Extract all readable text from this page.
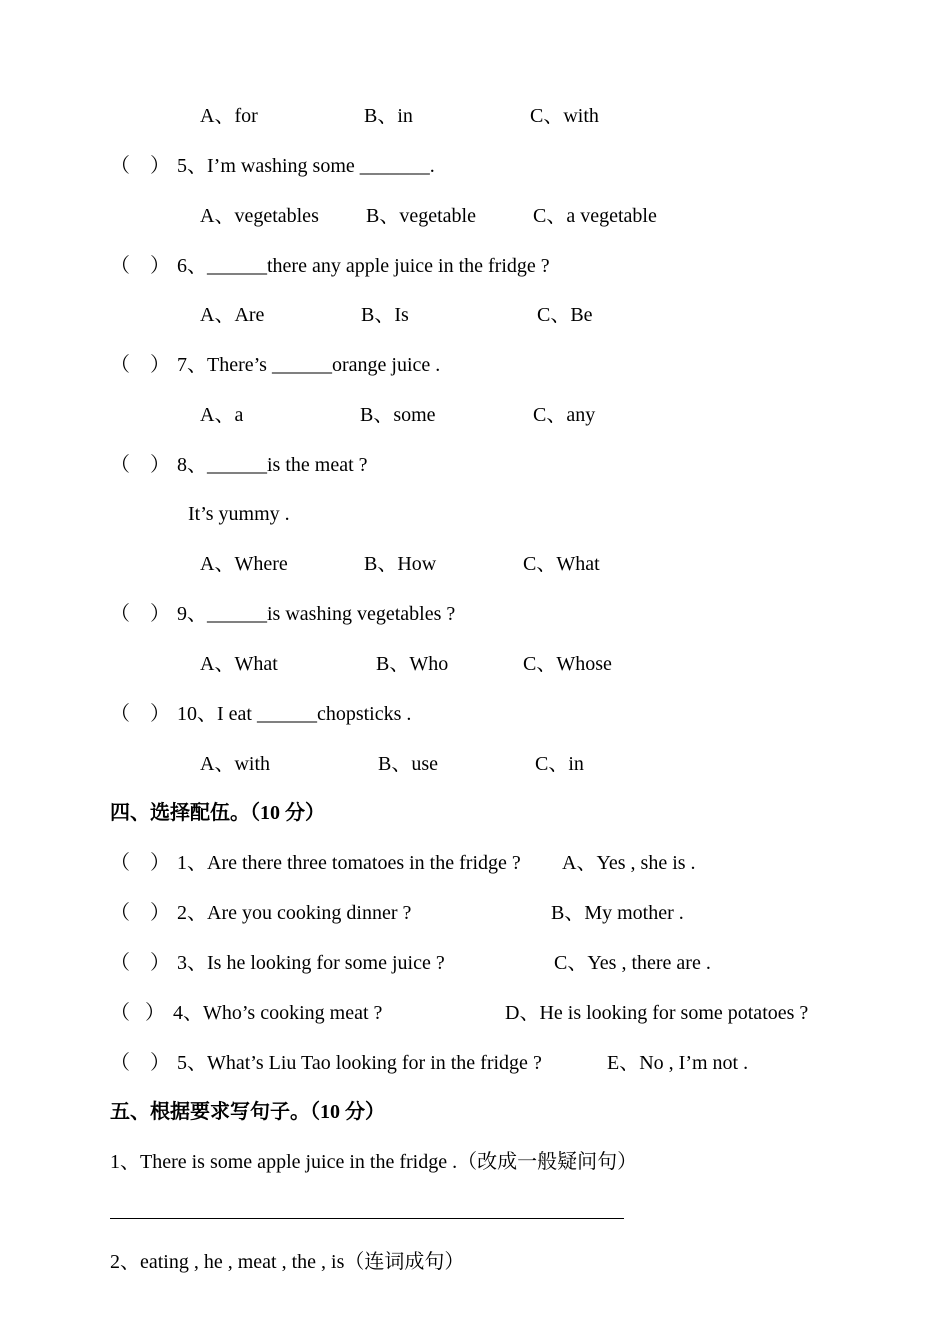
A、for	B、in	C、with
（    ） 5、I’m washing some _______.
A、vegetables B、vegetable	C、a vegetable
（    ） 6、______there any apple juice in the fridge ?
A、Are	B、Is	C、Be
（    ） 7、There’s ______orange juice .
A、a	B、some	C、any
（    ） 8、______is the meat ?
It’s yummy .
A、Where	B、How	C、What
（    ） 9、______is washing vegetables ?
A、What	B、Who	C、Whose
（    ） 10、I eat ______chopsticks .
A、with	B、use	C、in
四、选择配伍。（10 分）
（    ） 1、Are there three tomatoes in the fridge ? A、Yes , she is .
（    ） 2、Are you cooking dinner ?	B、My mother .
（    ） 3、Is he looking for some juice ?	C、Yes , there are .
（   ） 4、Who’s cooking meat ?	D、He is looking for some potatoes ?
（    ） 5、What’s Liu Tao looking for in the fridge ?	E、No , I’m not .
五、根据要求写句子。（10 分）
1、There is some apple juice in the fridge .（改成一般疑问句）
2、eating , he , meat , the , is（连词成句）
